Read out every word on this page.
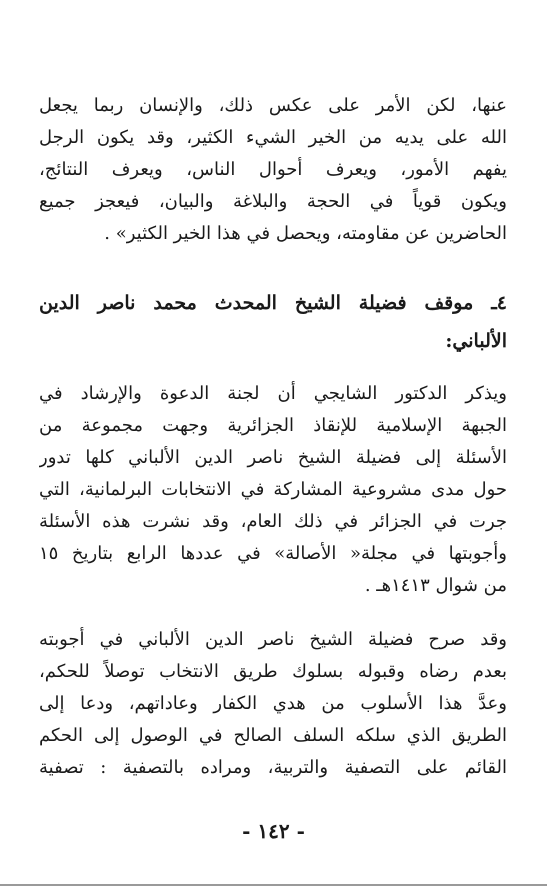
عنها، لكن الأمر على عكس ذلك، والإنسان ربما يجعل
الله على يديه من الخير الشيء الكثير، وقد يكون الرجل
يفهم الأمور، ويعرف أحوال الناس، ويعرف النتائج،
ويكون قوياً في الحجة والبلاغة والبيان، فيعجز جميع
الحاضرين عن مقاومته، ويحصل في هذا الخير الكثير» .
٤ـ موقف فضيلة الشيخ المحدث محمد ناصر الدين
الألباني:
ويذكر الدكتور الشايجي أن لجنة الدعوة والإرشاد في
الجبهة الإسلامية للإنقاذ الجزائرية وجهت مجموعة من
الأسئلة إلى فضيلة الشيخ ناصر الدين الألباني كلها تدور
حول مدى مشروعية المشاركة في الانتخابات البرلمانية، التي
جرت في الجزائر في ذلك العام، وقد نشرت هذه الأسئلة
وأجوبتها في مجلة« الأصالة» في عددها الرابع بتاريخ ١٥
من شوال ١٤١٣هـ .
وقد صرح فضيلة الشيخ ناصر الدين الألباني في أجوبته
بعدم رضاه وقبوله بسلوك طريق الانتخاب توصلاً للحكم،
وعدَّ هذا الأسلوب من هدي الكفار وعاداتهم، ودعا إلى
الطريق الذي سلكه السلف الصالح في الوصول إلى الحكم
القائم على التصفية والتربية، ومراده بالتصفية : تصفية
- ١٤٢ -
